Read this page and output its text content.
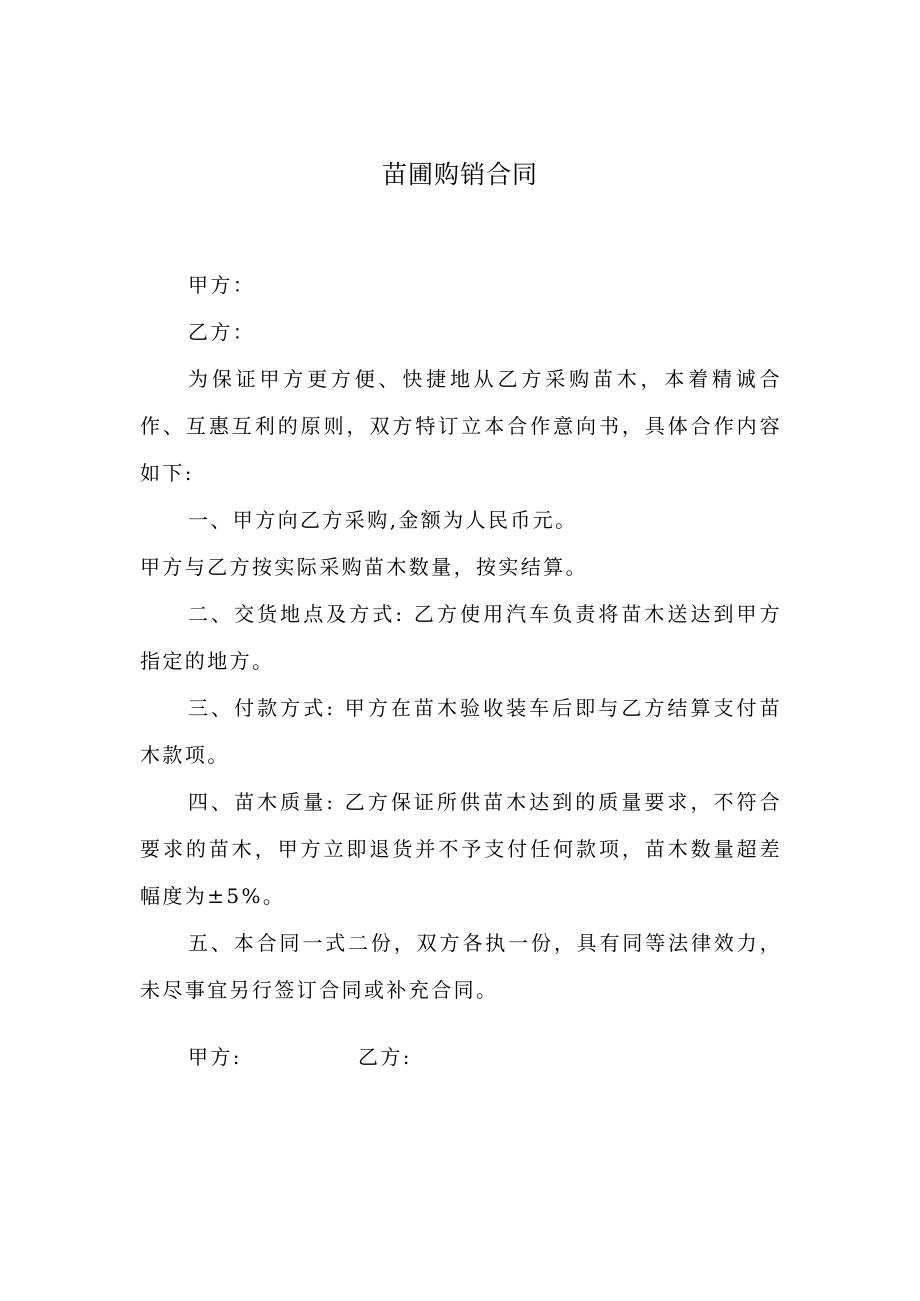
苗圃购销合同

甲方：

乙方：

为保证甲方更方便、快捷地从乙方采购苗木，本着精诚合作、互惠互利的原则，双方特订立本合作意向书，具体合作内容如下:

一、甲方向乙方采购,金额为人民币元。

甲方与乙方按实际采购苗木数量，按实结算。

二、交货地点及方式: 乙方使用汽车负责将苗木送达到甲方指定的地方。

三、付款方式: 甲方在苗木验收装车后即与乙方结算支付苗木款项。

四、苗木质量: 乙方保证所供苗木达到的质量要求，不符合要求的苗木，甲方立即退货并不予支付任何款项，苗木数量超差幅度为±5%。

五、本合同一式二份，双方各执一份，具有同等法律效力，未尽事宜另行签订合同或补充合同。

甲方:	乙方:
